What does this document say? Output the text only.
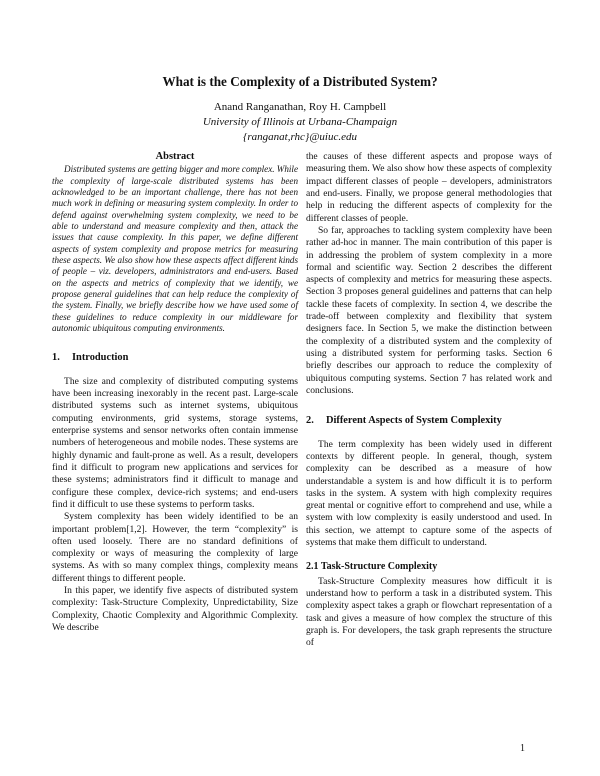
What is the Complexity of a Distributed System?
Anand Ranganathan, Roy H. Campbell
University of Illinois at Urbana-Champaign
{ranganat,rhc}@uiuc.edu
Abstract

Distributed systems are getting bigger and more complex. While the complexity of large-scale distributed systems has been acknowledged to be an important challenge, there has not been much work in defining or measuring system complexity. In order to defend against overwhelming system complexity, we need to be able to understand and measure complexity and then, attack the issues that cause complexity. In this paper, we define different aspects of system complexity and propose metrics for measuring these aspects. We also show how these aspects affect different kinds of people – viz. developers, administrators and end-users. Based on the aspects and metrics of complexity that we identify, we propose general guidelines that can help reduce the complexity of the system. Finally, we briefly describe how we have used some of these guidelines to reduce complexity in our middleware for autonomic ubiquitous computing environments.

1. Introduction

The size and complexity of distributed computing systems have been increasing inexorably in the recent past. Large-scale distributed systems such as internet systems, ubiquitous computing environments, grid systems, storage systems, enterprise systems and sensor networks often contain immense numbers of heterogeneous and mobile nodes. These systems are highly dynamic and fault-prone as well. As a result, developers find it difficult to program new applications and services for these systems; administrators find it difficult to manage and configure these complex, device-rich systems; and end-users find it difficult to use these systems to perform tasks.

System complexity has been widely identified to be an important problem[1,2]. However, the term “complexity” is often used loosely. There are no standard definitions of complexity or ways of measuring the complexity of large systems. As with so many complex things, complexity means different things to different people.

In this paper, we identify five aspects of distributed system complexity: Task-Structure Complexity, Unpredictability, Size Complexity, Chaotic Complexity and Algorithmic Complexity. We describe

the causes of these different aspects and propose ways of measuring them. We also show how these aspects of complexity impact different classes of people – developers, administrators and end-users. Finally, we propose general methodologies that help in reducing the different aspects of complexity for the different classes of people.

So far, approaches to tackling system complexity have been rather ad-hoc in manner. The main contribution of this paper is in addressing the problem of system complexity in a more formal and scientific way. Section 2 describes the different aspects of complexity and metrics for measuring these aspects. Section 3 proposes general guidelines and patterns that can help tackle these facets of complexity. In section 4, we describe the trade-off between complexity and flexibility that system designers face. In Section 5, we make the distinction between the complexity of a distributed system and the complexity of using a distributed system for performing tasks. Section 6 briefly describes our approach to reduce the complexity of ubiquitous computing systems. Section 7 has related work and conclusions.

2. Different Aspects of System Complexity

The term complexity has been widely used in different contexts by different people. In general, though, system complexity can be described as a measure of how understandable a system is and how difficult it is to perform tasks in the system. A system with high complexity requires great mental or cognitive effort to comprehend and use, while a system with low complexity is easily understood and used. In this section, we attempt to capture some of the aspects of systems that make them difficult to understand.

2.1 Task-Structure Complexity

Task-Structure Complexity measures how difficult it is understand how to perform a task in a distributed system. This complexity aspect takes a graph or flowchart representation of a task and gives a measure of how complex the structure of this graph is. For developers, the task graph represents the structure of

1
